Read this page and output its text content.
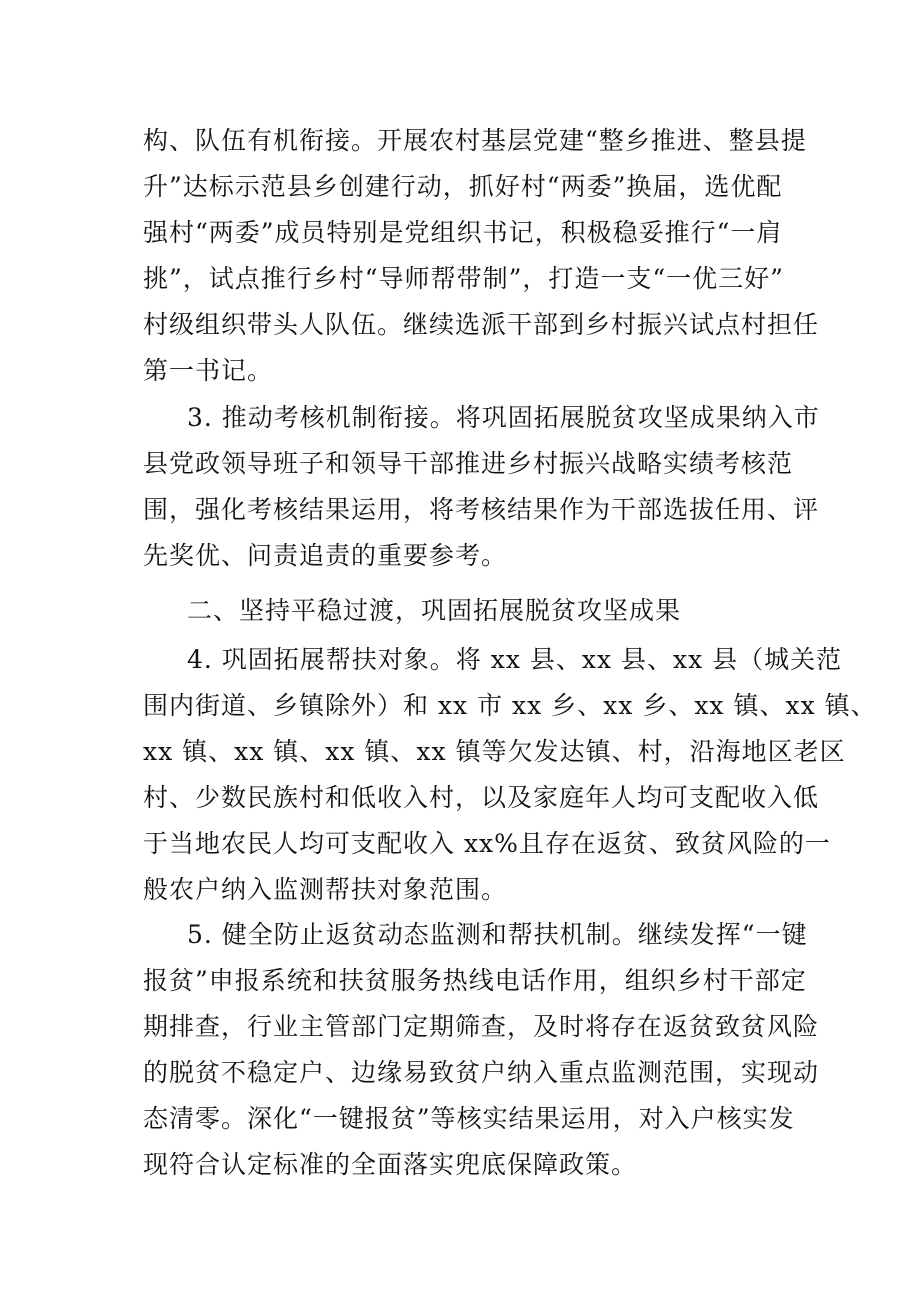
构、队伍有机衔接。开展农村基层党建“整乡推进、整县提
升”达标示范县乡创建行动，抓好村“两委”换届，选优配
强村“两委”成员特别是党组织书记，积极稳妥推行“一肩
挑”，试点推行乡村“导师帮带制”，打造一支“一优三好”
村级组织带头人队伍。继续选派干部到乡村振兴试点村担任
第一书记。
3. 推动考核机制衔接。将巩固拓展脱贫攻坚成果纳入市
县党政领导班子和领导干部推进乡村振兴战略实绩考核范
围，强化考核结果运用，将考核结果作为干部选拔任用、评
先奖优、问责追责的重要参考。
二、坚持平稳过渡，巩固拓展脱贫攻坚成果
4. 巩固拓展帮扶对象。将 xx 县、xx 县、xx 县（城关范
围内街道、乡镇除外）和 xx 市 xx 乡、xx 乡、xx 镇、xx 镇、
xx 镇、xx 镇、xx 镇、xx 镇等欠发达镇、村，沿海地区老区
村、少数民族村和低收入村，以及家庭年人均可支配收入低
于当地农民人均可支配收入 xx%且存在返贫、致贫风险的一
般农户纳入监测帮扶对象范围。
5. 健全防止返贫动态监测和帮扶机制。继续发挥“一键
报贫”申报系统和扶贫服务热线电话作用，组织乡村干部定
期排查，行业主管部门定期筛查，及时将存在返贫致贫风险
的脱贫不稳定户、边缘易致贫户纳入重点监测范围，实现动
态清零。深化“一键报贫”等核实结果运用，对入户核实发
现符合认定标准的全面落实兜底保障政策。
